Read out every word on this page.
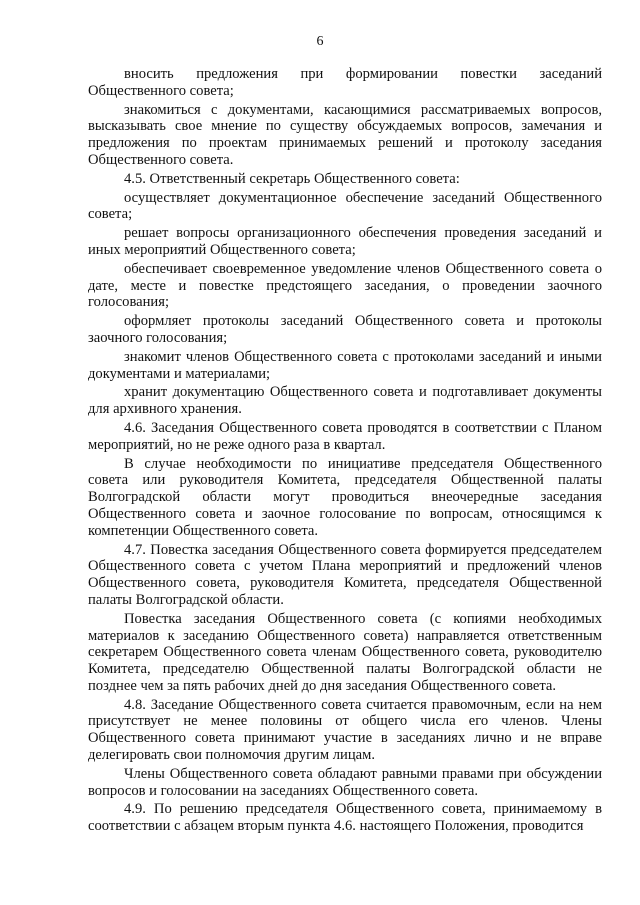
6

вносить предложения при формировании повестки заседаний Общественного совета;

знакомиться с документами, касающимися рассматриваемых вопросов, высказывать свое мнение по существу обсуждаемых вопросов, замечания и предложения по проектам принимаемых решений и протоколу заседания Общественного совета.

4.5. Ответственный секретарь Общественного совета:

осуществляет документационное обеспечение заседаний Общественного совета;

решает вопросы организационного обеспечения проведения заседаний и иных мероприятий Общественного совета;

обеспечивает своевременное уведомление членов Общественного совета о дате, месте и повестке предстоящего заседания, о проведении заочного голосования;

оформляет протоколы заседаний Общественного совета и протоколы заочного голосования;

знакомит членов Общественного совета с протоколами заседаний и иными документами и материалами;

хранит документацию Общественного совета и подготавливает документы для архивного хранения.

4.6. Заседания Общественного совета проводятся в соответствии с Планом мероприятий, но не реже одного раза в квартал.

В случае необходимости по инициативе председателя Общественного совета или руководителя Комитета, председателя Общественной палаты Волгоградской области могут проводиться внеочередные заседания Общественного совета и заочное голосование по вопросам, относящимся к компетенции Общественного совета.

4.7. Повестка заседания Общественного совета формируется председателем Общественного совета с учетом Плана мероприятий и предложений членов Общественного совета, руководителя Комитета, председателя Общественной палаты Волгоградской области.

Повестка заседания Общественного совета (с копиями необходимых материалов к заседанию Общественного совета) направляется ответственным секретарем Общественного совета членам Общественного совета, руководителю Комитета, председателю Общественной палаты Волгоградской области не позднее чем за пять рабочих дней до дня заседания Общественного совета.

4.8. Заседание Общественного совета считается правомочным, если на нем присутствует не менее половины от общего числа его членов. Члены Общественного совета принимают участие в заседаниях лично и не вправе делегировать свои полномочия другим лицам.

Члены Общественного совета обладают равными правами при обсуждении вопросов и голосовании на заседаниях Общественного совета.

4.9. По решению председателя Общественного совета, принимаемому в соответствии с абзацем вторым пункта 4.6. настоящего Положения, проводится
